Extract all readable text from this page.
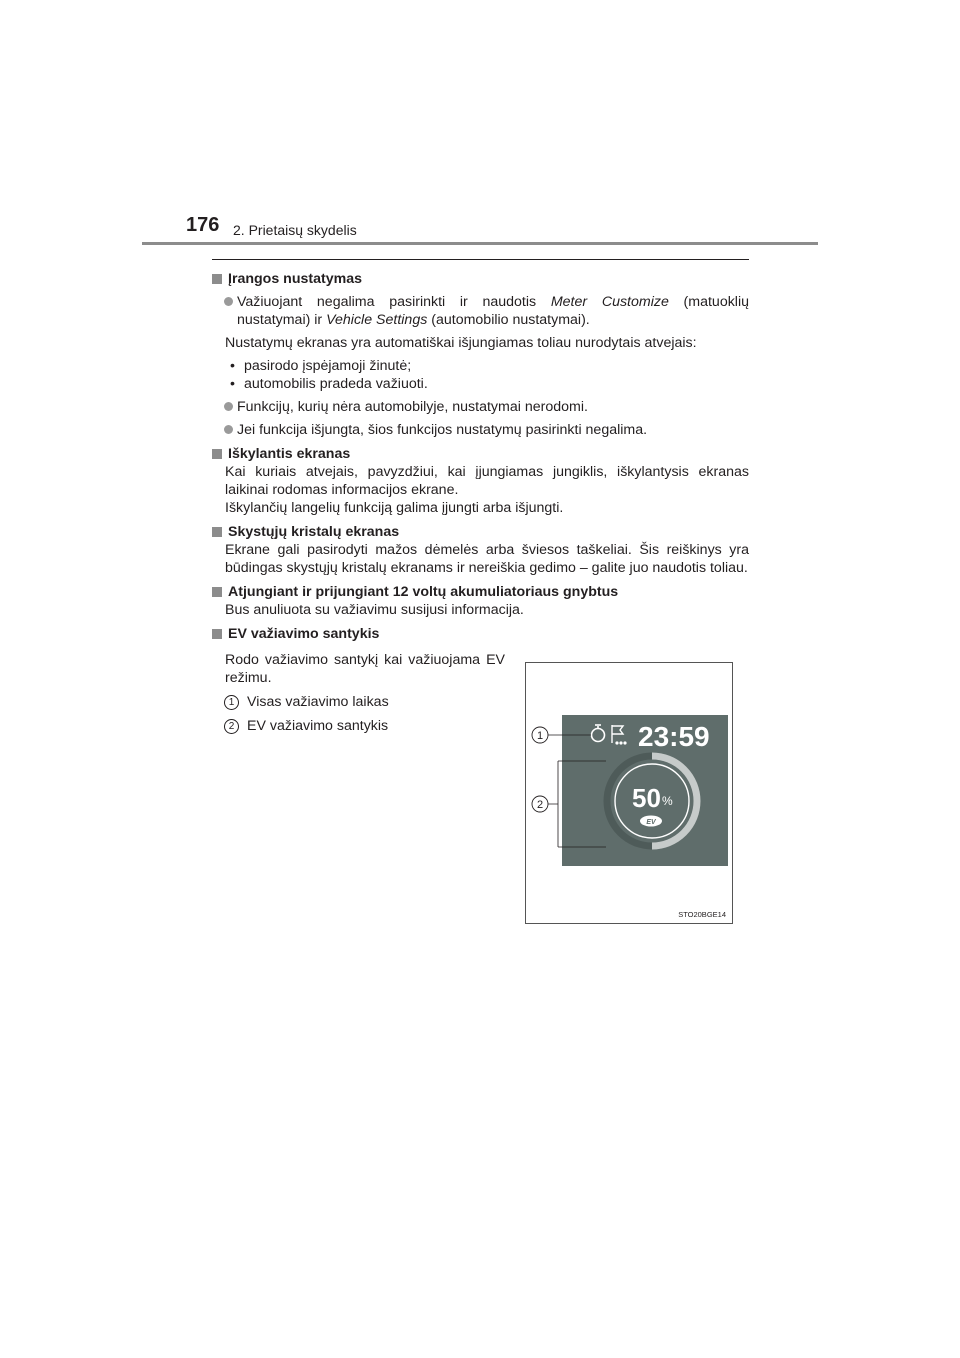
176 2. Prietaisų skydelis
Įrangos nustatymas
Važiuojant negalima pasirinkti ir naudotis Meter Customize (matuoklių nustatymai) ir Vehicle Settings (automobilio nustatymai).
Nustatymų ekranas yra automatiškai išjungiamas toliau nurodytais atvejais:
• pasirodo įspėjamoji žinutė;
• automobilis pradeda važiuoti.
Funkcijų, kurių nėra automobilyje, nustatymai nerodomi.
Jei funkcija išjungta, šios funkcijos nustatymų pasirinkti negalima.
Iškylantis ekranas
Kai kuriais atvejais, pavyzdžiui, kai įjungiamas jungiklis, iškylantysis ekranas laikinai rodomas informacijos ekrane.
Iškylančių langelių funkciją galima įjungti arba išjungti.
Skystųjų kristalų ekranas
Ekrane gali pasirodyti mažos dėmelės arba šviesos taškeliai. Šis reiškinys yra būdingas skystųjų kristalų ekranams ir nereiškia gedimo – galite juo naudotis toliau.
Atjungiant ir prijungiant 12 voltų akumuliatoriaus gnybtus
Bus anuliuota su važiavimu susijusi informacija.
EV važiavimo santykis
Rodo važiavimo santykį kai važiuojama EV režimu.
1 Visas važiavimo laikas
2 EV važiavimo santykis	23:59
50 %
EV
1
2
STO20BGE14
